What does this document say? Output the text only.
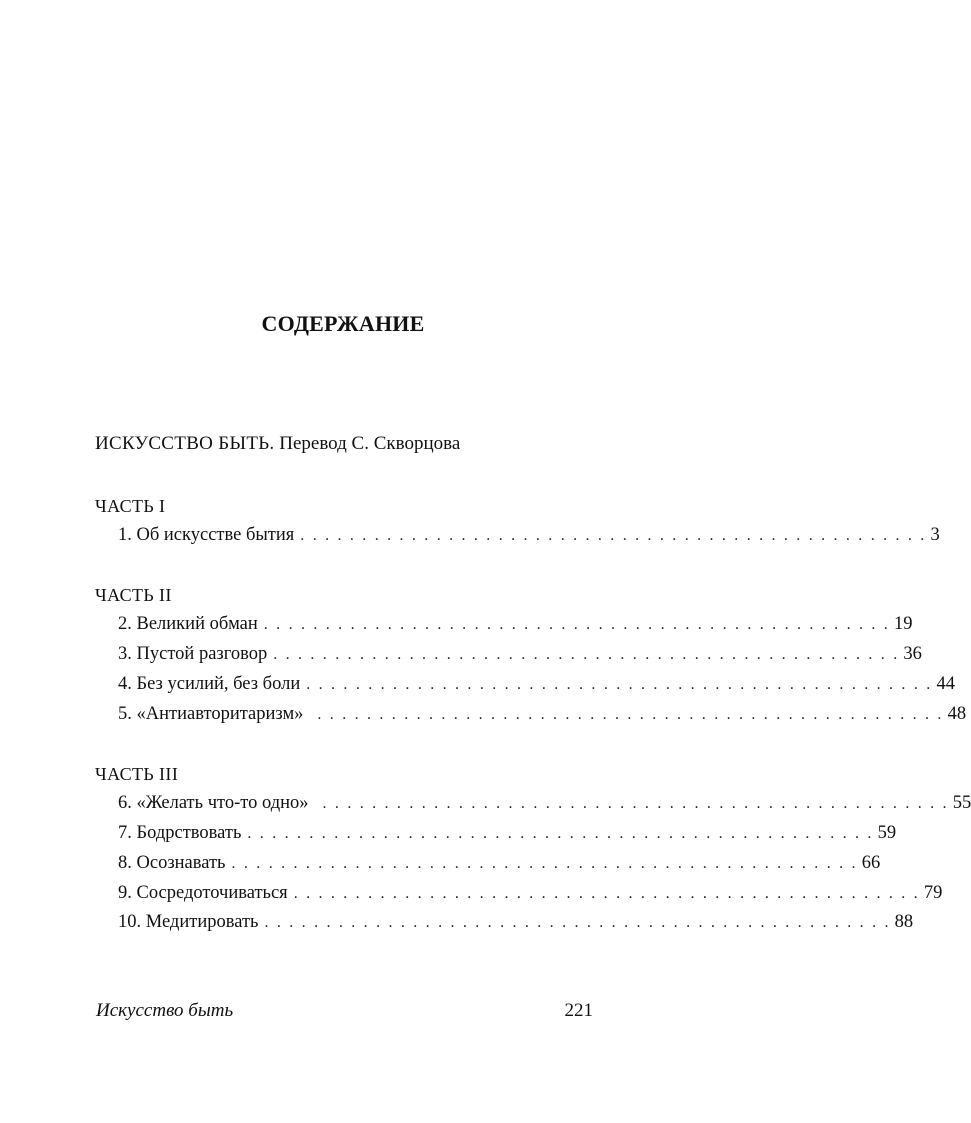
СОДЕРЖАНИЕ
ИСКУССТВО БЫТЬ. Перевод С. Скворцова
ЧАСТЬ I
1. Об искусстве бытия . . . . . . . . . . . . . . . . . . . . . . . . . . . . . . . . . . . . . . . . . . . . . . . . . . . 3
ЧАСТЬ II
2. Великий обман . . . . . . . . . . . . . . . . . . . . . . . . . . . . . . . . . . . . . . . . . . . . . . . . . . . 19
3. Пустой разговор . . . . . . . . . . . . . . . . . . . . . . . . . . . . . . . . . . . . . . . . . . . . . . . . . . . 36
4. Без усилий, без боли . . . . . . . . . . . . . . . . . . . . . . . . . . . . . . . . . . . . . . . . . . . . . . . . . . . 44
5. «Антиавторитаризм» . . . . . . . . . . . . . . . . . . . . . . . . . . . . . . . . . . . . . . . . . . . . . . . . . . . 48
ЧАСТЬ III
6. «Желать что-то одно» . . . . . . . . . . . . . . . . . . . . . . . . . . . . . . . . . . . . . . . . . . . . . . . . . . . 55
7. Бодрствовать . . . . . . . . . . . . . . . . . . . . . . . . . . . . . . . . . . . . . . . . . . . . . . . . . . . 59
8. Осознавать . . . . . . . . . . . . . . . . . . . . . . . . . . . . . . . . . . . . . . . . . . . . . . . . . . . 66
9. Сосредоточиваться . . . . . . . . . . . . . . . . . . . . . . . . . . . . . . . . . . . . . . . . . . . . . . . . . . . 79
10. Медитировать . . . . . . . . . . . . . . . . . . . . . . . . . . . . . . . . . . . . . . . . . . . . . . . . . . . 88
Искусство быть	221
